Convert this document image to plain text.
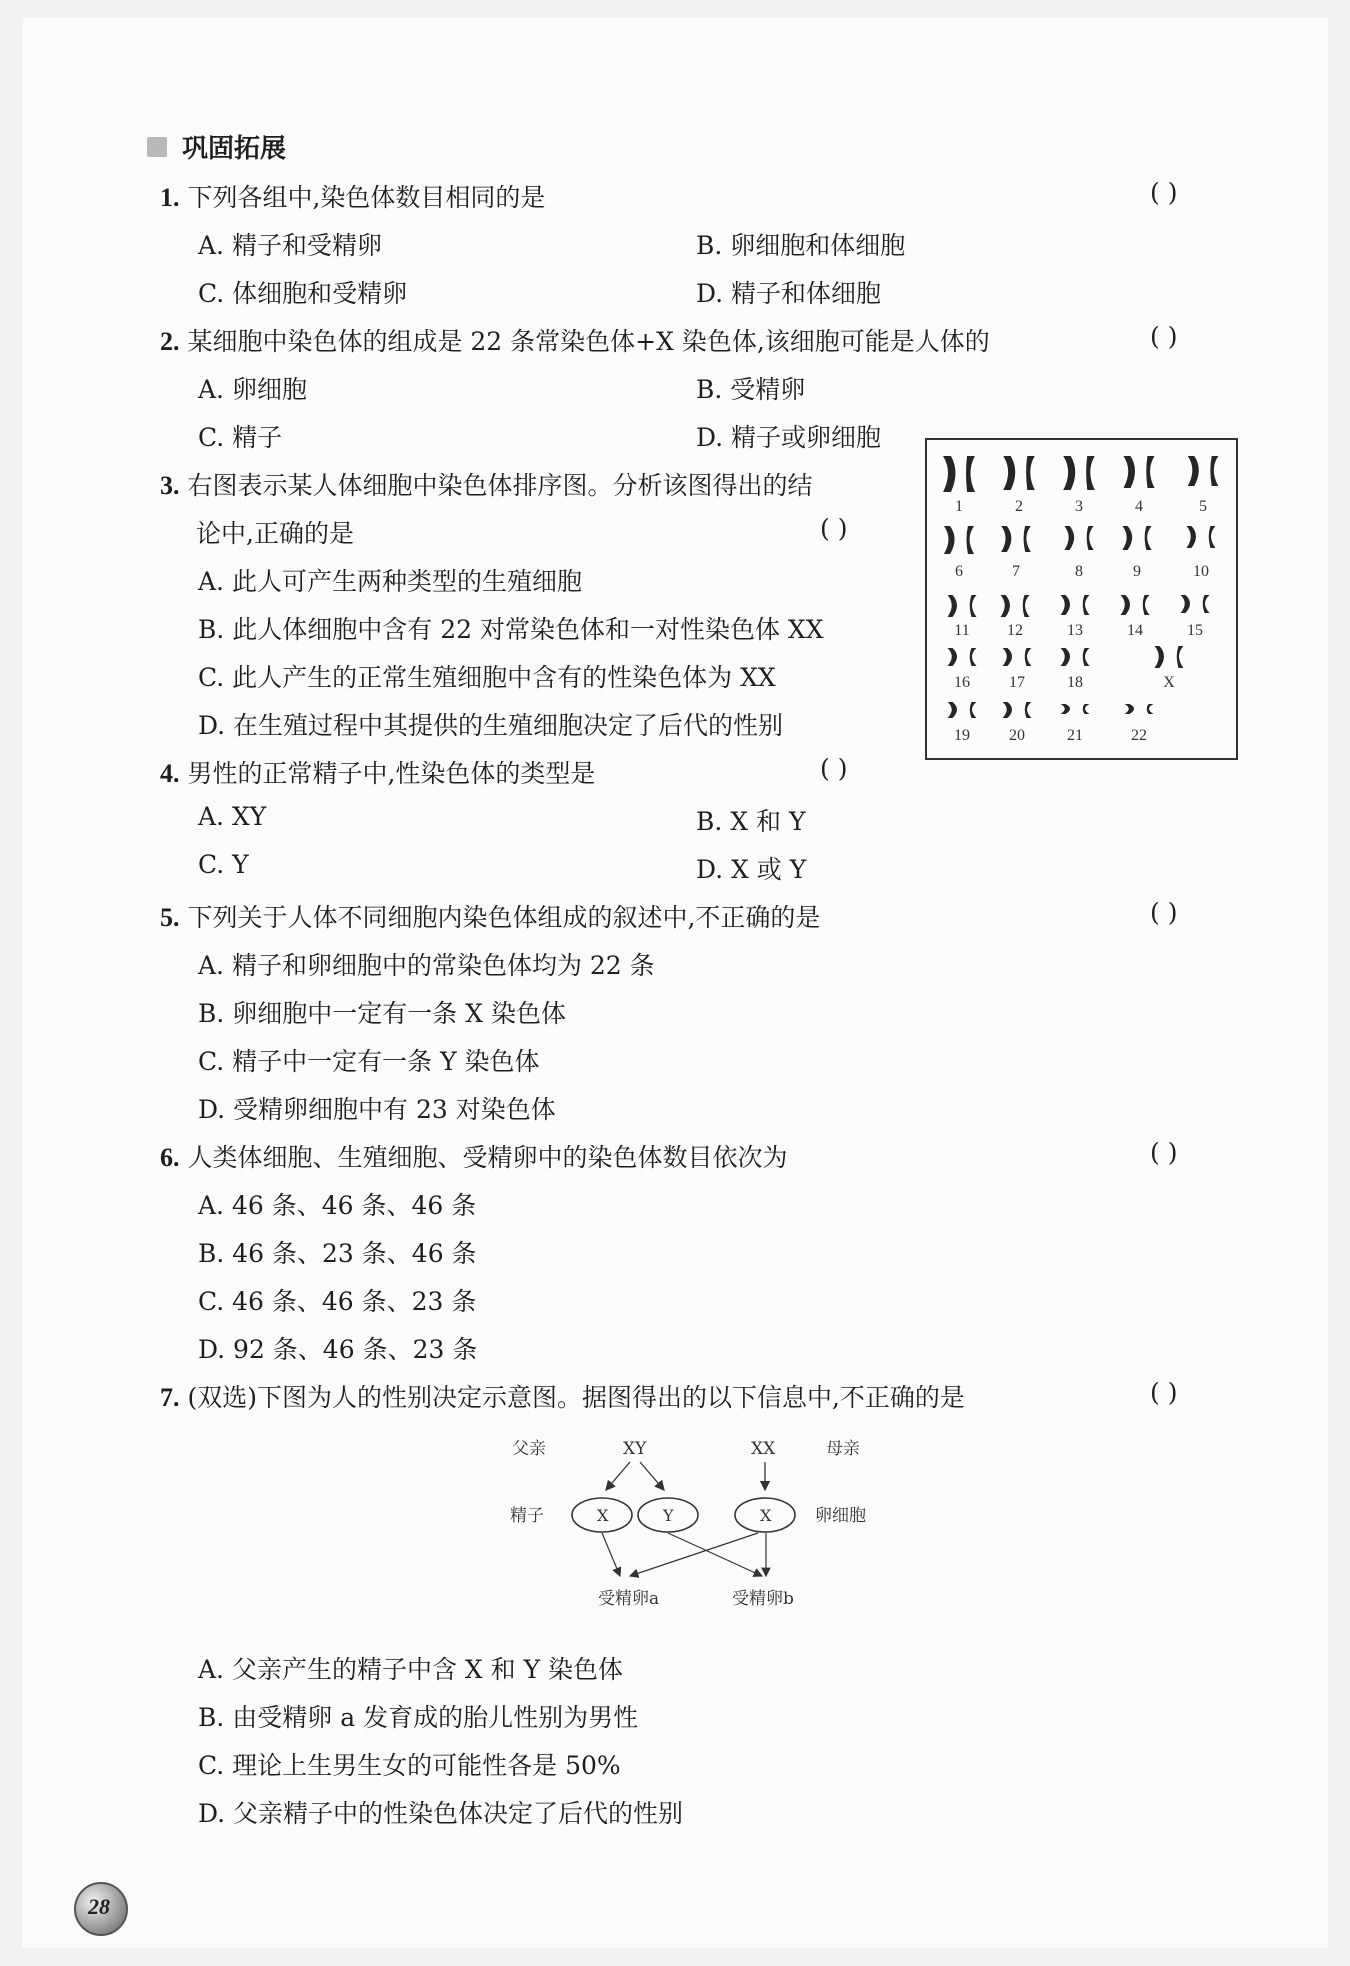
巩固拓展
1. 下列各组中,染色体数目相同的是	( )
A. 精子和受精卵	B. 卵细胞和体细胞
C. 体细胞和受精卵	D. 精子和体细胞
2. 某细胞中染色体的组成是 22 条常染色体+X 染色体,该细胞可能是人体的	( )
A. 卵细胞	B. 受精卵
C. 精子	D. 精子或卵细胞
3. 右图表示某人体细胞中染色体排序图。分析该图得出的结
论中,正确的是	( )
A. 此人可产生两种类型的生殖细胞
B. 此人体细胞中含有 22 对常染色体和一对性染色体 XX
C. 此人产生的正常生殖细胞中含有的性染色体为 XX
D. 在生殖过程中其提供的生殖细胞决定了后代的性别
1	2	3	4	5
6	7	8	9	10
11 12	13	14	15
16 17	18	X
19 20	21	22
4. 男性的正常精子中,性染色体的类型是	( )
A. XY	B. X 和 Y
C. Y	D. X 或 Y
5. 下列关于人体不同细胞内染色体组成的叙述中,不正确的是	( )
A. 精子和卵细胞中的常染色体均为 22 条
B. 卵细胞中一定有一条 X 染色体
C. 精子中一定有一条 Y 染色体
D. 受精卵细胞中有 23 对染色体
6. 人类体细胞、生殖细胞、受精卵中的染色体数目依次为	( )
A. 46 条、46 条、46 条
B. 46 条、23 条、46 条
C. 46 条、46 条、23 条
D. 92 条、46 条、23 条
7. (双选)下图为人的性别决定示意图。据图得出的以下信息中,不正确的是	( )
父亲	XY	XX	母亲
精子	X	Y	X	卵细胞
受精卵a	受精卵b
A. 父亲产生的精子中含 X 和 Y 染色体
B. 由受精卵 a 发育成的胎儿性别为男性
C. 理论上生男生女的可能性各是 50%
D. 父亲精子中的性染色体决定了后代的性别
28
